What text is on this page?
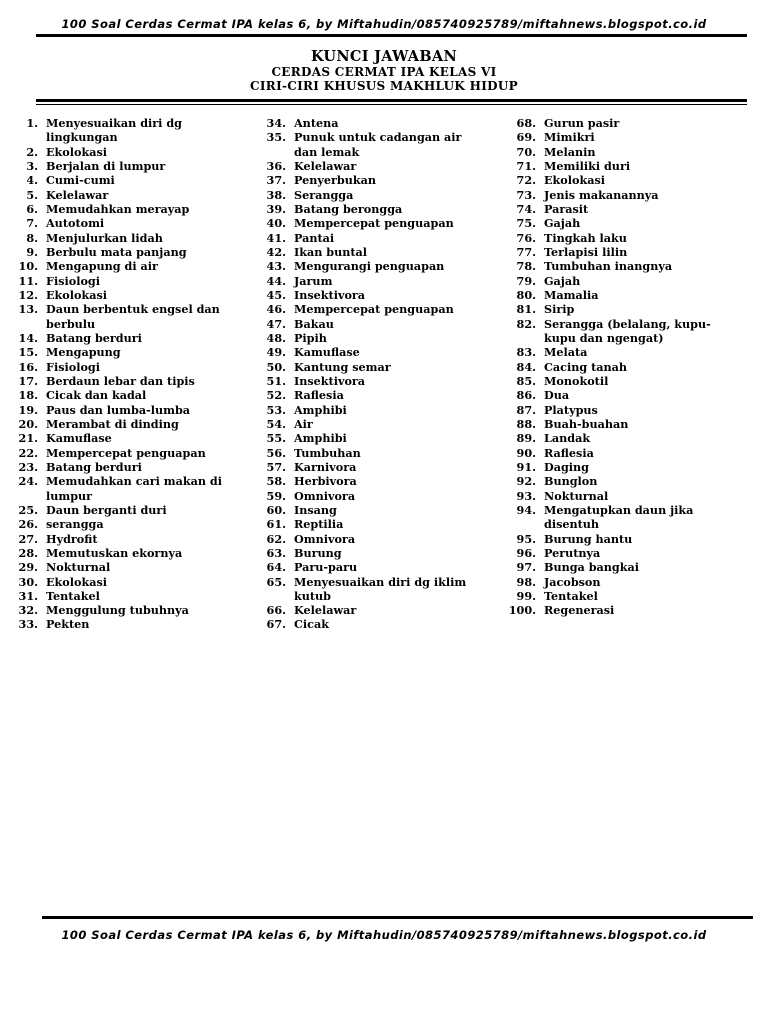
100 Soal Cerdas Cermat IPA kelas 6, by Miftahudin/085740925789/miftahnews.blogspot.co.id
KUNCI JAWABAN
CERDAS CERMAT IPA KELAS VI
CIRI-CIRI KHUSUS MAKHLUK HIDUP
1. Menyesuaikan diri dg
lingkungan
2. Ekolokasi
3. Berjalan di lumpur
4. Cumi-cumi
5. Kelelawar
6. Memudahkan merayap
7. Autotomi
8. Menjulurkan lidah
9. Berbulu mata panjang
10. Mengapung di air
11. Fisiologi
12. Ekolokasi
13. Daun berbentuk engsel dan
berbulu
14. Batang berduri
15. Mengapung
16. Fisiologi
17. Berdaun lebar dan tipis
18. Cicak dan kadal
19. Paus dan lumba-lumba
20. Merambat di dinding
21. Kamuflase
22. Mempercepat penguapan
23. Batang berduri
24. Memudahkan cari makan di
lumpur
25. Daun berganti duri
26. serangga
27. Hydrofit
28. Memutuskan ekornya
29. Nokturnal
30. Ekolokasi
31. Tentakel
32. Menggulung tubuhnya
33. Pekten
34. Antena
35. Punuk untuk cadangan air
dan lemak
36. Kelelawar
37. Penyerbukan
38. Serangga
39. Batang berongga
40. Mempercepat penguapan
41. Pantai
42. Ikan buntal
43. Mengurangi penguapan
44. Jarum
45. Insektivora
46. Mempercepat penguapan
47. Bakau
48. Pipih
49. Kamuflase
50. Kantung semar
51. Insektivora
52. Raflesia
53. Amphibi
54. Air
55. Amphibi
56. Tumbuhan
57. Karnivora
58. Herbivora
59. Omnivora
60. Insang
61. Reptilia
62. Omnivora
63. Burung
64. Paru-paru
65. Menyesuaikan diri dg iklim
kutub
66. Kelelawar
67. Cicak
68. Gurun pasir
69. Mimikri
70. Melanin
71. Memiliki duri
72. Ekolokasi
73. Jenis makanannya
74. Parasit
75. Gajah
76. Tingkah laku
77. Terlapisi lilin
78. Tumbuhan inangnya
79. Gajah
80. Mamalia
81. Sirip
82. Serangga (belalang, kupu-
kupu dan ngengat)
83. Melata
84. Cacing tanah
85. Monokotil
86. Dua
87. Platypus
88. Buah-buahan
89. Landak
90. Raflesia
91. Daging
92. Bunglon
93. Nokturnal
94. Mengatupkan daun jika
disentuh
95. Burung hantu
96. Perutnya
97. Bunga bangkai
98. Jacobson
99. Tentakel
100. Regenerasi
100 Soal Cerdas Cermat IPA kelas 6, by Miftahudin/085740925789/miftahnews.blogspot.co.id
